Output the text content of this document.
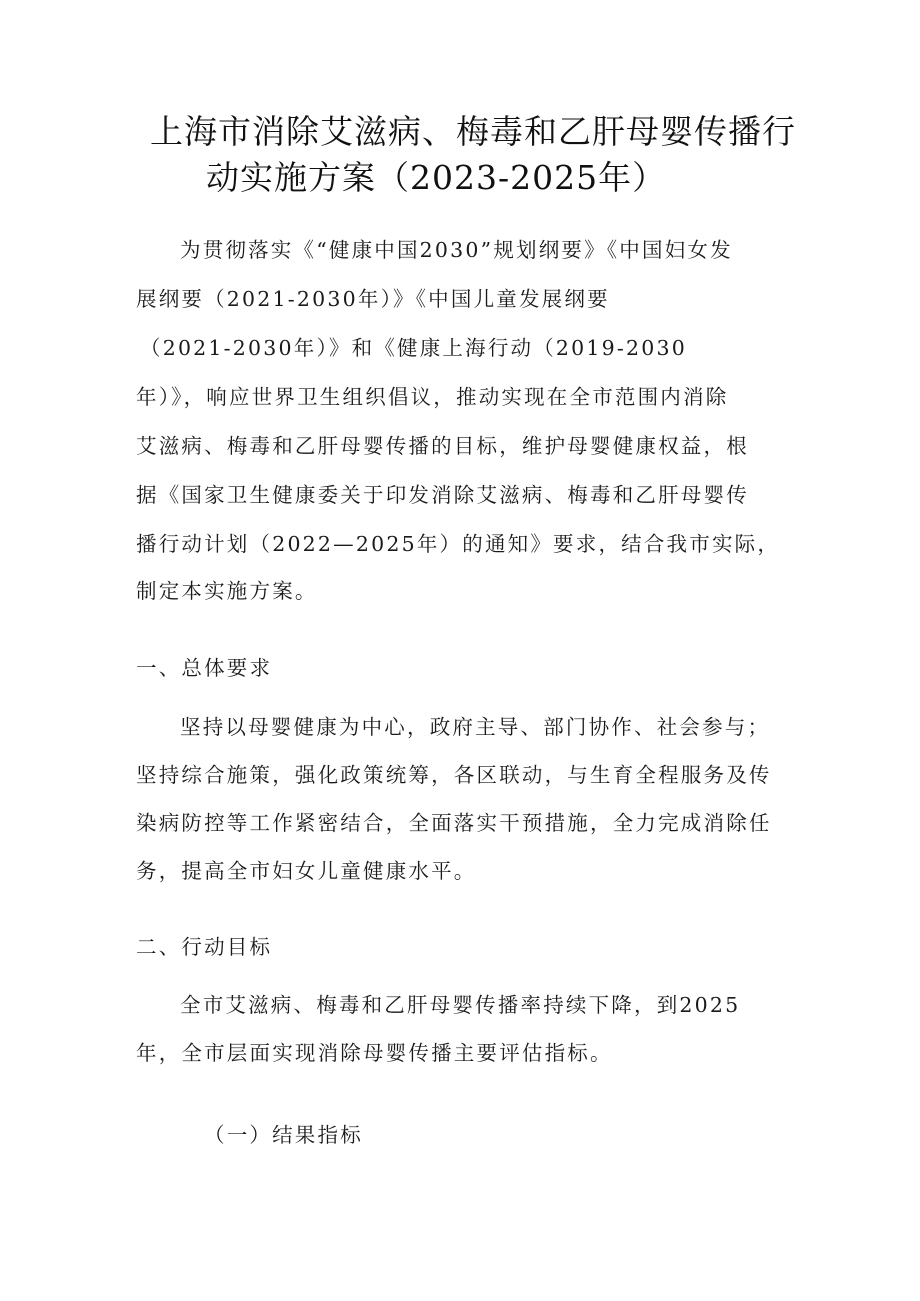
上海市消除艾滋病、梅毒和乙肝母婴传播行
动实施方案（2023-2025年）
为贯彻落实《“健康中国2030”规划纲要》《中国妇女发
展纲要（2021-2030年）》《中国儿童发展纲要
（2021-2030年）》和《健康上海行动（2019-2030
年）》，响应世界卫生组织倡议，推动实现在全市范围内消除
艾滋病、梅毒和乙肝母婴传播的目标，维护母婴健康权益，根
据《国家卫生健康委关于印发消除艾滋病、梅毒和乙肝母婴传
播行动计划（2022—2025年）的通知》要求，结合我市实际，
制定本实施方案。
一、总体要求
坚持以母婴健康为中心，政府主导、部门协作、社会参与；
坚持综合施策，强化政策统筹，各区联动，与生育全程服务及传
染病防控等工作紧密结合，全面落实干预措施，全力完成消除任
务，提高全市妇女儿童健康水平。
二、行动目标
全市艾滋病、梅毒和乙肝母婴传播率持续下降，到2025
年，全市层面实现消除母婴传播主要评估指标。
（一）结果指标
